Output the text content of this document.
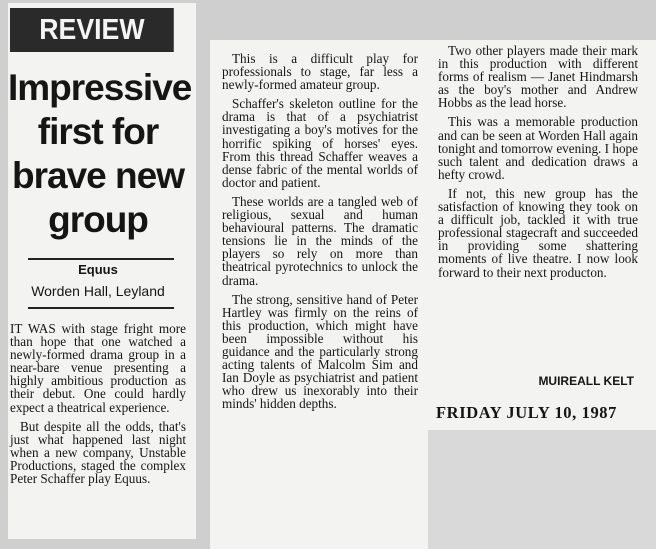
REVIEW
Impressive
first for
brave new
group
Equus
Worden Hall, Leyland

IT WAS with stage fright more than hope that one watched a newly-formed drama group in a near-bare venue presenting a highly ambitious production as their debut. One could hardly expect a theatrical experience.

But despite all the odds, that's just what happened last night when a new company, Unstable Productions, staged the complex Peter Schaffer play Equus.

This is a difficult play for professionals to stage, far less a newly-formed amateur group.

Schaffer's skeleton outline for the drama is that of a psychiatrist investigating a boy's motives for the horrific spiking of horses' eyes. From this thread Schaffer weaves a dense fabric of the mental worlds of doctor and patient.

These worlds are a tangled web of religious, sexual and human behavioural patterns. The dramatic tensions lie in the minds of the players so rely on more than theatrical pyrotechnics to unlock the drama.

The strong, sensitive hand of Peter Hartley was firmly on the reins of this production, which might have been impossible without his guidance and the particularly strong acting talents of Malcolm Sim and Ian Doyle as psychiatrist and patient who drew us inexorably into their minds' hidden depths.

Two other players made their mark in this production with different forms of realism — Janet Hindmarsh as the boy's mother and Andrew Hobbs as the lead horse.

This was a memorable production and can be seen at Worden Hall again tonight and tomorrow evening. I hope such talent and dedication draws a hefty crowd.

If not, this new group has the satisfaction of knowing they took on a difficult job, tackled it with true professional stagecraft and succeeded in providing some shattering moments of live theatre. I now look forward to their next producton.

MUIREALL KELT
FRIDAY JULY 10, 1987
